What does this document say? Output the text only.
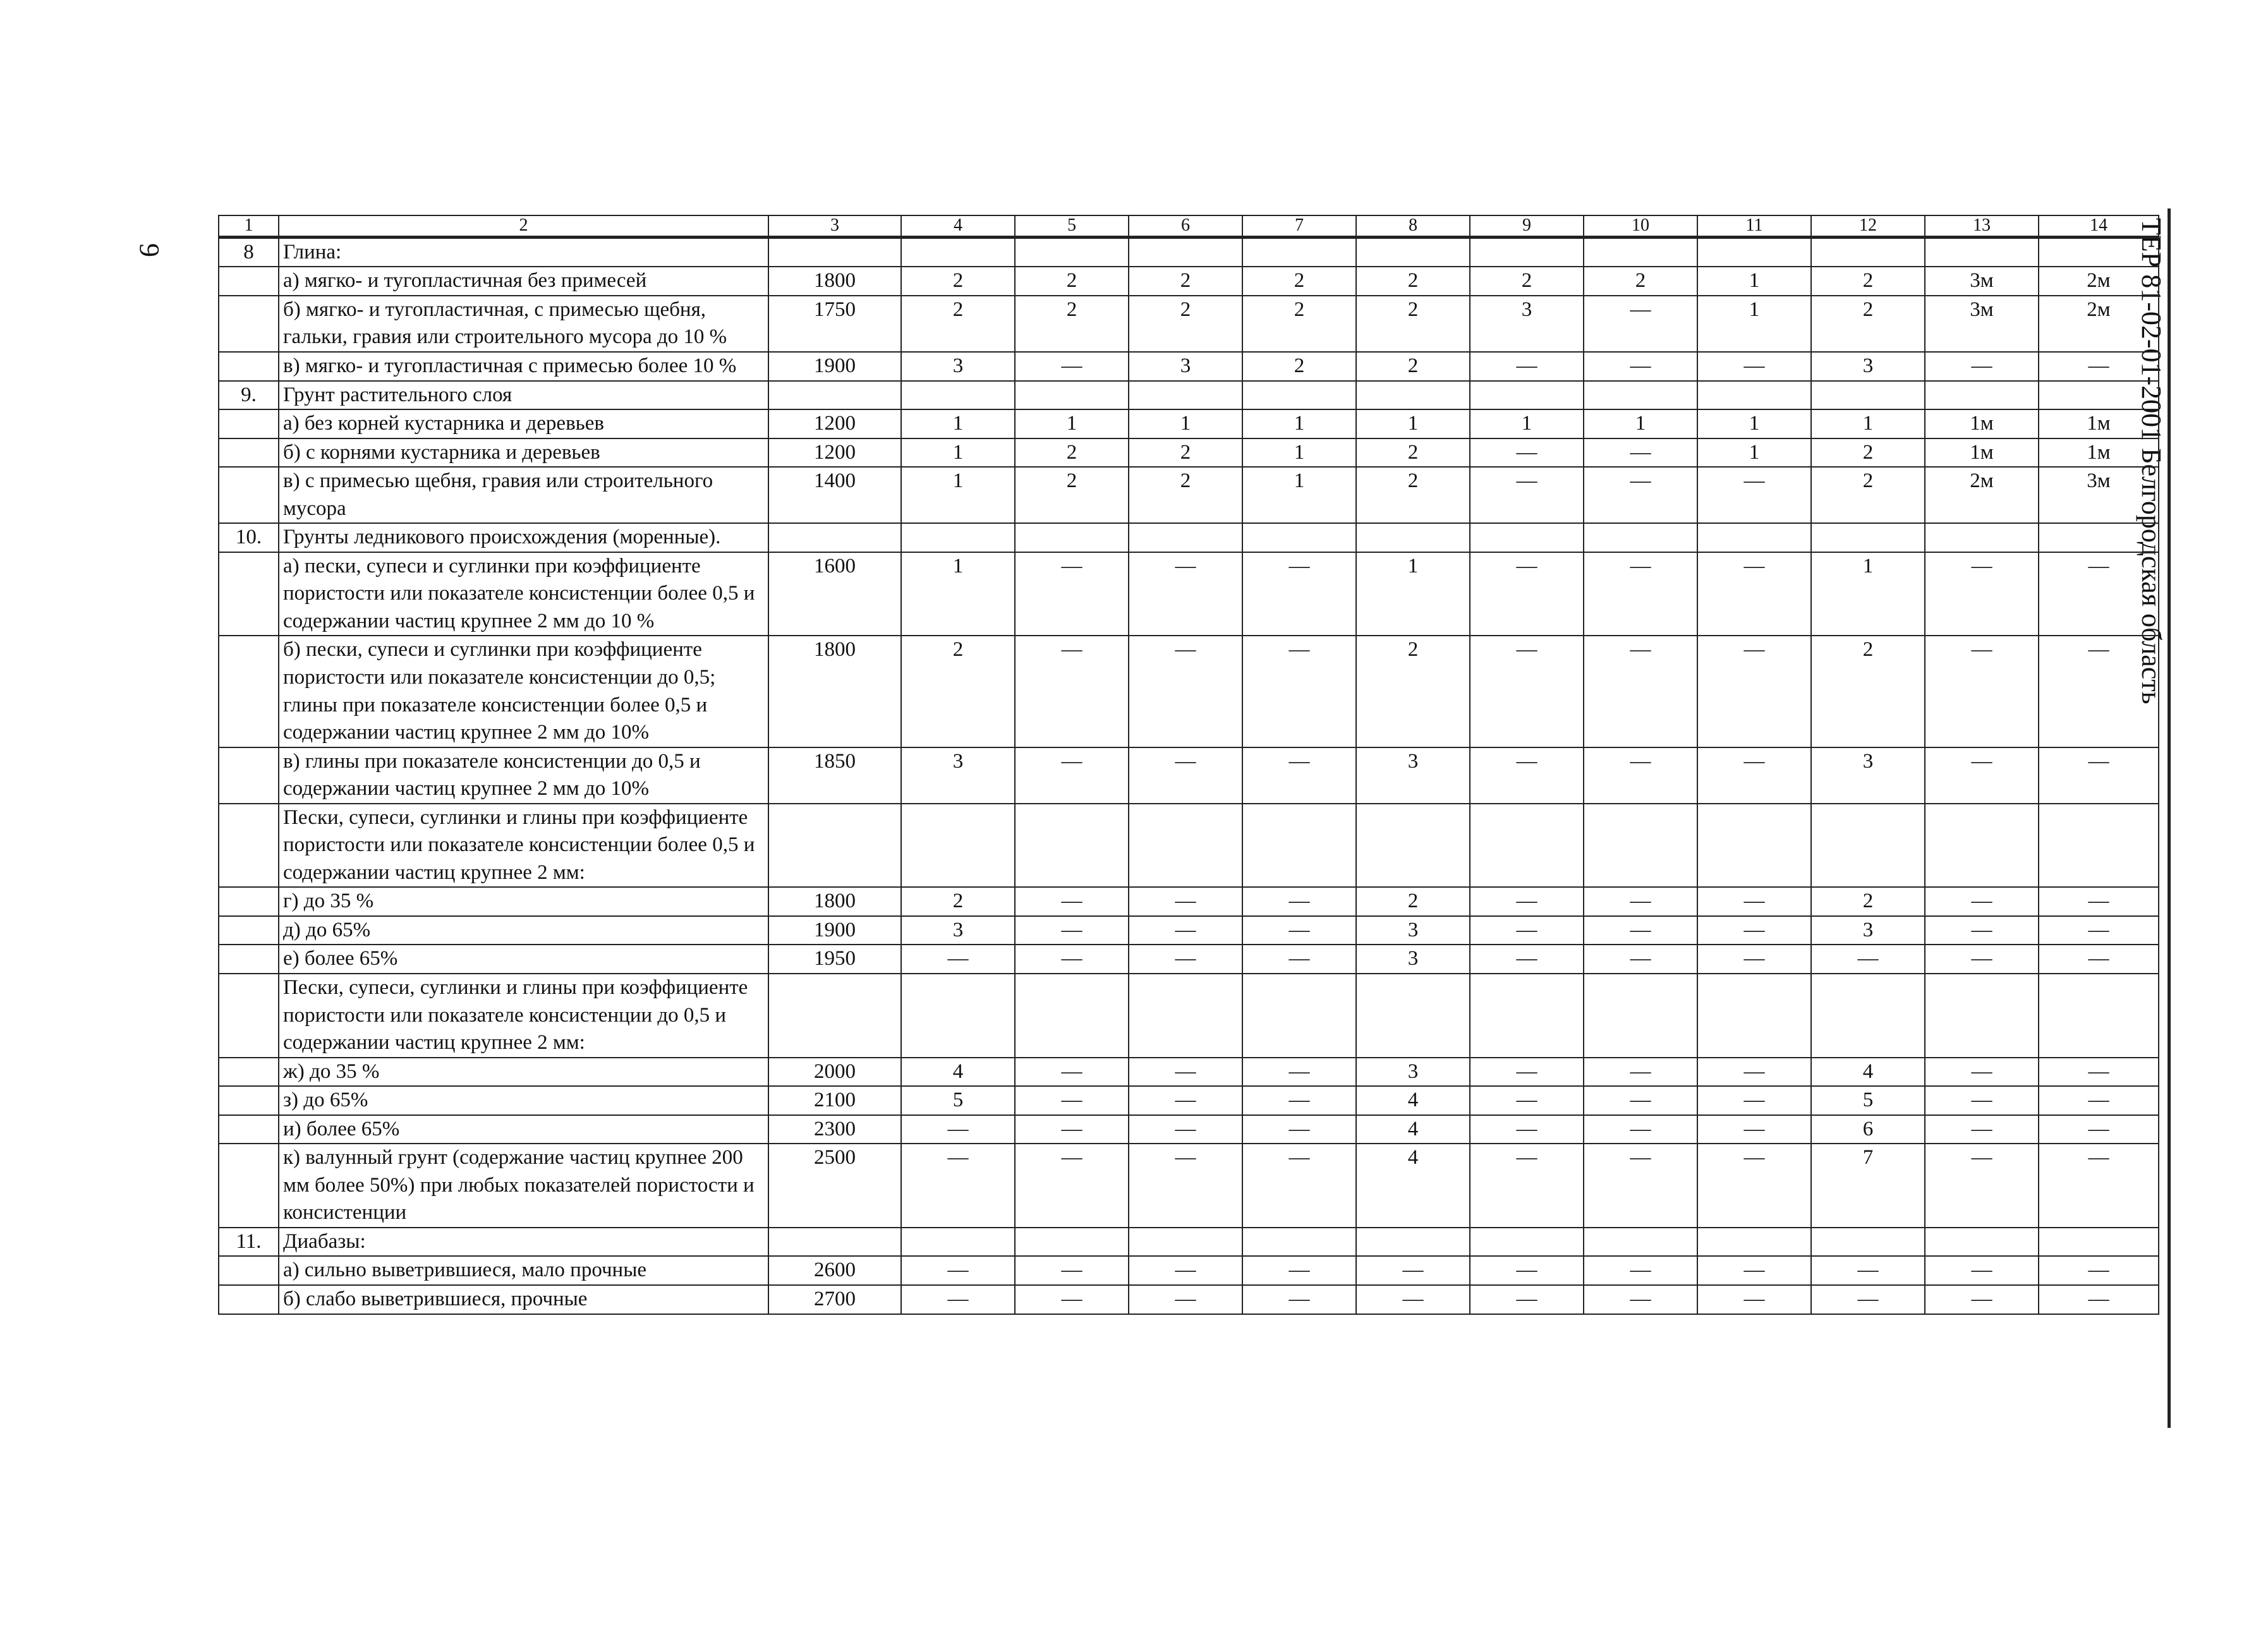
9	ТЕР 81-02-01-2001 Белгородская область
1	2	3	4	5	6	7	8	9	10	11	12	13	14
8	Глина:												
	а) мягко- и тугопластичная без примесей	1800	2	2	2	2	2	2	2	1	2	3м	2м
	б) мягко- и тугопластичная, с примесью щебня, гальки, гравия или строительного мусора до 10 %	1750	2	2	2	2	2	3	—	1	2	3м	2м
	в) мягко- и тугопластичная с примесью более 10 %	1900	3	—	3	2	2	—	—	—	3	—	—
9.	Грунт растительного слоя												
	а) без корней кустарника и деревьев	1200	1	1	1	1	1	1	1	1	1	1м	1м
	б) с корнями кустарника и деревьев	1200	1	2	2	1	2	—	—	1	2	1м	1м
	в) с примесью щебня, гравия или строительного мусора	1400	1	2	2	1	2	—	—	—	2	2м	3м
10.	Грунты ледникового происхождения (моренные).												
	а) пески, супеси и суглинки при коэффициенте пористости или показателе консистенции более 0,5 и содержании частиц крупнее 2 мм до 10 %	1600	1	—	—	—	1	—	—	—	1	—	—
	б) пески, супеси и суглинки при коэффициенте пористости или показателе консистенции до 0,5; глины при показателе консистенции более 0,5 и содержании частиц крупнее 2 мм до 10%	1800	2	—	—	—	2	—	—	—	2	—	—
	в) глины при показателе консистенции до 0,5 и содержании частиц крупнее 2 мм до 10%	1850	3	—	—	—	3	—	—	—	3	—	—
	Пески, супеси, суглинки и глины при коэффициенте пористости или показателе консистенции более 0,5 и содержании частиц крупнее 2 мм:												
	г) до 35 %	1800	2	—	—	—	2	—	—	—	2	—	—
	д) до 65%	1900	3	—	—	—	3	—	—	—	3	—	—
	е) более 65%	1950	—	—	—	—	3	—	—	—	—	—	—
	Пески, супеси, суглинки и глины при коэффициенте пористости или показателе консистенции до 0,5 и содержании частиц крупнее 2 мм:												
	ж) до 35 %	2000	4	—	—	—	3	—	—	—	4	—	—
	з) до 65%	2100	5	—	—	—	4	—	—	—	5	—	—
	и) более 65%	2300	—	—	—	—	4	—	—	—	6	—	—
	к) валунный грунт (содержание частиц крупнее 200 мм более 50%) при любых показателей пористости и консистенции	2500	—	—	—	—	4	—	—	—	7	—	—
11.	Диабазы:												
	а) сильно выветрившиеся, мало прочные	2600	—	—	—	—	—	—	—	—	—	—	—
	б) слабо выветрившиеся, прочные	2700	—	—	—	—	—	—	—	—	—	—	—
